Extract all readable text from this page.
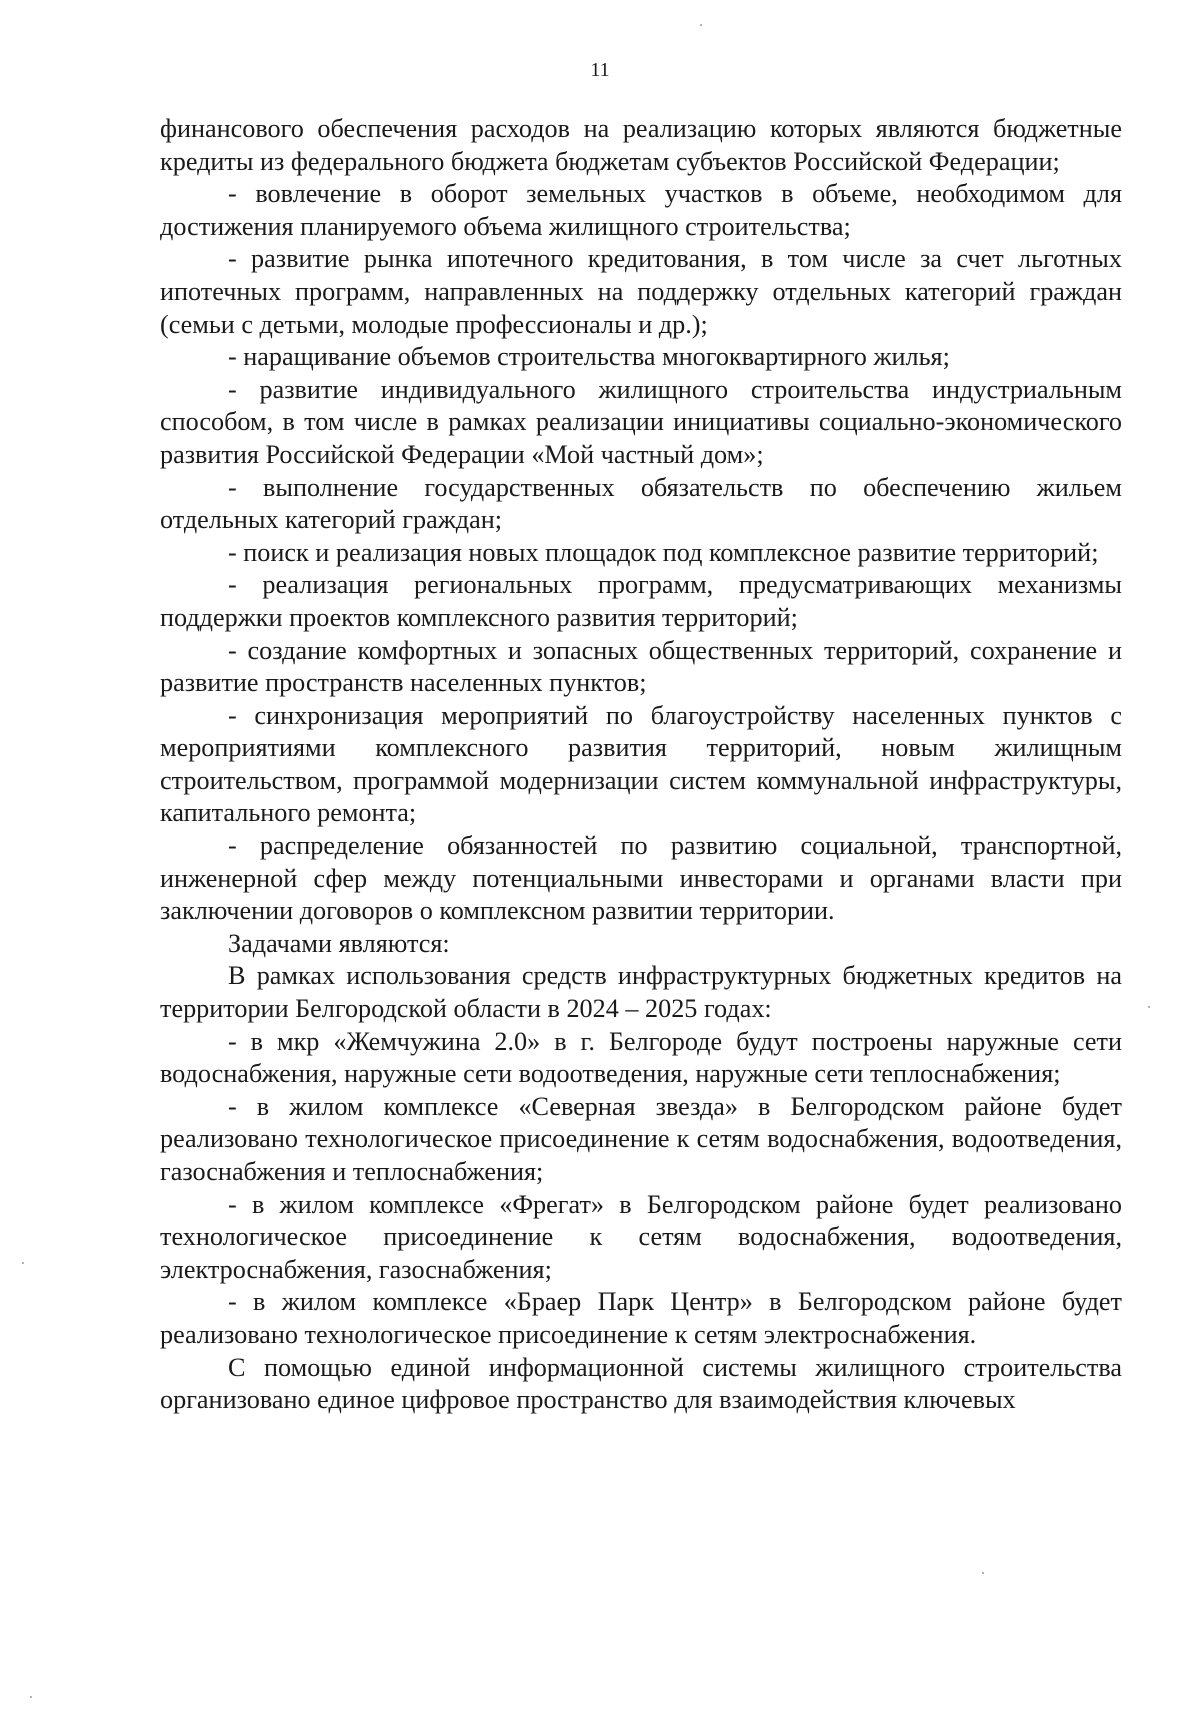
11

финансового обеспечения расходов на реализацию которых являются бюджетные кредиты из федерального бюджета бюджетам субъектов Российской Федерации;

- вовлечение в оборот земельных участков в объеме, необходимом для достижения планируемого объема жилищного строительства;

- развитие рынка ипотечного кредитования, в том числе за счет льготных ипотечных программ, направленных на поддержку отдельных категорий граждан (семьи с детьми, молодые профессионалы и др.);

- наращивание объемов строительства многоквартирного жилья;

- развитие индивидуального жилищного строительства индустриальным способом, в том числе в рамках реализации инициативы социально-экономического развития Российской Федерации «Мой частный дом»;

- выполнение государственных обязательств по обеспечению жильем отдельных категорий граждан;

- поиск и реализация новых площадок под комплексное развитие территорий;

- реализация региональных программ, предусматривающих механизмы поддержки проектов комплексного развития территорий;

- создание комфортных и зопасных общественных территорий, сохранение и развитие пространств населенных пунктов;

- синхронизация мероприятий по благоустройству населенных пунктов с мероприятиями комплексного развития территорий, новым жилищным строительством, программой модернизации систем коммунальной инфраструктуры, капитального ремонта;

- распределение обязанностей по развитию социальной, транспортной, инженерной сфер между потенциальными инвесторами и органами власти при заключении договоров о комплексном развитии территории.

Задачами являются:

В рамках использования средств инфраструктурных бюджетных кредитов на территории Белгородской области в 2024 – 2025 годах:

- в мкр «Жемчужина 2.0» в г. Белгороде будут построены наружные сети водоснабжения, наружные сети водоотведения, наружные сети теплоснабжения;

- в жилом комплексе «Северная звезда» в Белгородском районе будет реализовано технологическое присоединение к сетям водоснабжения, водоотведения, газоснабжения и теплоснабжения;

- в жилом комплексе «Фрегат» в Белгородском районе будет реализовано технологическое присоединение к сетям водоснабжения, водоотведения, электроснабжения, газоснабжения;

- в жилом комплексе «Браер Парк Центр» в Белгородском районе будет реализовано технологическое присоединение к сетям электроснабжения.

С помощью единой информационной системы жилищного строительства организовано единое цифровое пространство для взаимодействия ключевых
